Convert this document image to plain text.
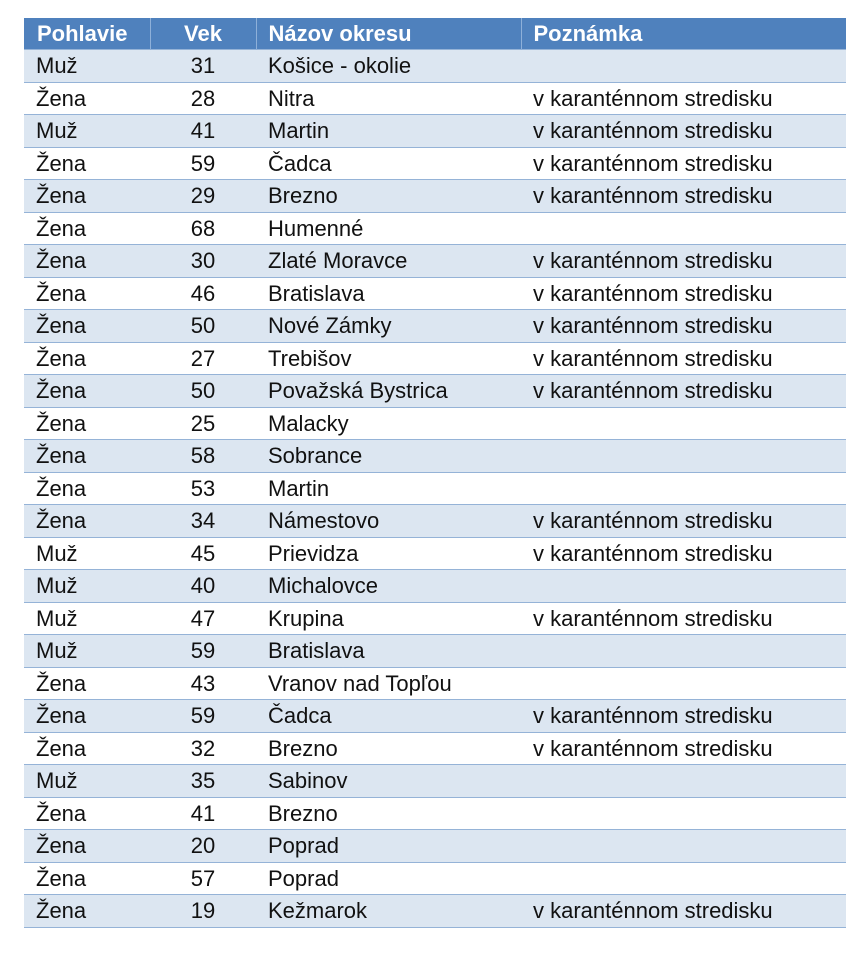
Pohlavie	Vek	Názov okresu	Poznámka
Muž	31	Košice - okolie	
Žena	28	Nitra	v karanténnom stredisku
Muž	41	Martin	v karanténnom stredisku
Žena	59	Čadca	v karanténnom stredisku
Žena	29	Brezno	v karanténnom stredisku
Žena	68	Humenné	
Žena	30	Zlaté Moravce	v karanténnom stredisku
Žena	46	Bratislava	v karanténnom stredisku
Žena	50	Nové Zámky	v karanténnom stredisku
Žena	27	Trebišov	v karanténnom stredisku
Žena	50	Považská Bystrica	v karanténnom stredisku
Žena	25	Malacky	
Žena	58	Sobrance	
Žena	53	Martin	
Žena	34	Námestovo	v karanténnom stredisku
Muž	45	Prievidza	v karanténnom stredisku
Muž	40	Michalovce	
Muž	47	Krupina	v karanténnom stredisku
Muž	59	Bratislava	
Žena	43	Vranov nad Topľou	
Žena	59	Čadca	v karanténnom stredisku
Žena	32	Brezno	v karanténnom stredisku
Muž	35	Sabinov	
Žena	41	Brezno	
Žena	20	Poprad	
Žena	57	Poprad	
Žena	19	Kežmarok	v karanténnom stredisku
